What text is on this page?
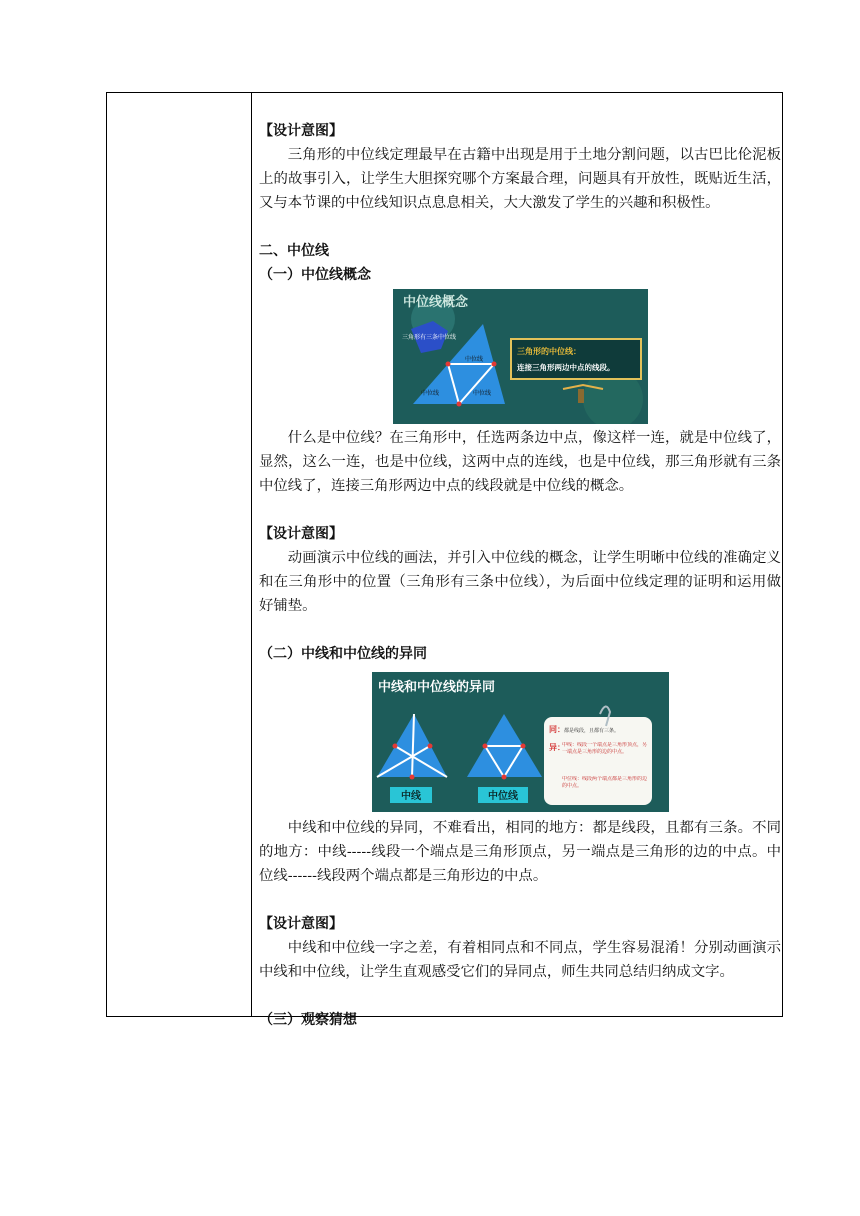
【设计意图】

三角形的中位线定理最早在古籍中出现是用于土地分割问题，以古巴比伦泥板上的故事引入，让学生大胆探究哪个方案最合理，问题具有开放性，既贴近生活，又与本节课的中位线知识点息息相关，大大激发了学生的兴趣和积极性。

二、中位线

（一）中位线概念

中位线概念
三角形有三条中位线
中位线
中位线	中位线
三角形的中位线：
连接三角形两边中点的线段。

什么是中位线？在三角形中，任选两条边中点，像这样一连，就是中位线了，显然，这么一连，也是中位线，这两中点的连线，也是中位线，那三角形就有三条中位线了，连接三角形两边中点的线段就是中位线的概念。

【设计意图】

动画演示中位线的画法，并引入中位线的概念，让学生明晰中位线的准确定义和在三角形中的位置（三角形有三条中位线），为后面中位线定理的证明和运用做好铺垫。

（二）中线和中位线的异同

中线和中位线的异同
中线	中位线
同： 都是线段，且都有三条。
异：
中线：线段一个端点是三角形顶点，另一端点是三角形的边的中点。
中位线：线段两个端点都是三角形的边的中点。

中线和中位线的异同，不难看出，相同的地方：都是线段，且都有三条。不同的地方：中线-----线段一个端点是三角形顶点，另一端点是三角形的边的中点。中位线------线段两个端点都是三角形边的中点。

【设计意图】

中线和中位线一字之差，有着相同点和不同点，学生容易混淆！分别动画演示中线和中位线，让学生直观感受它们的异同点，师生共同总结归纳成文字。

（三）观察猜想
